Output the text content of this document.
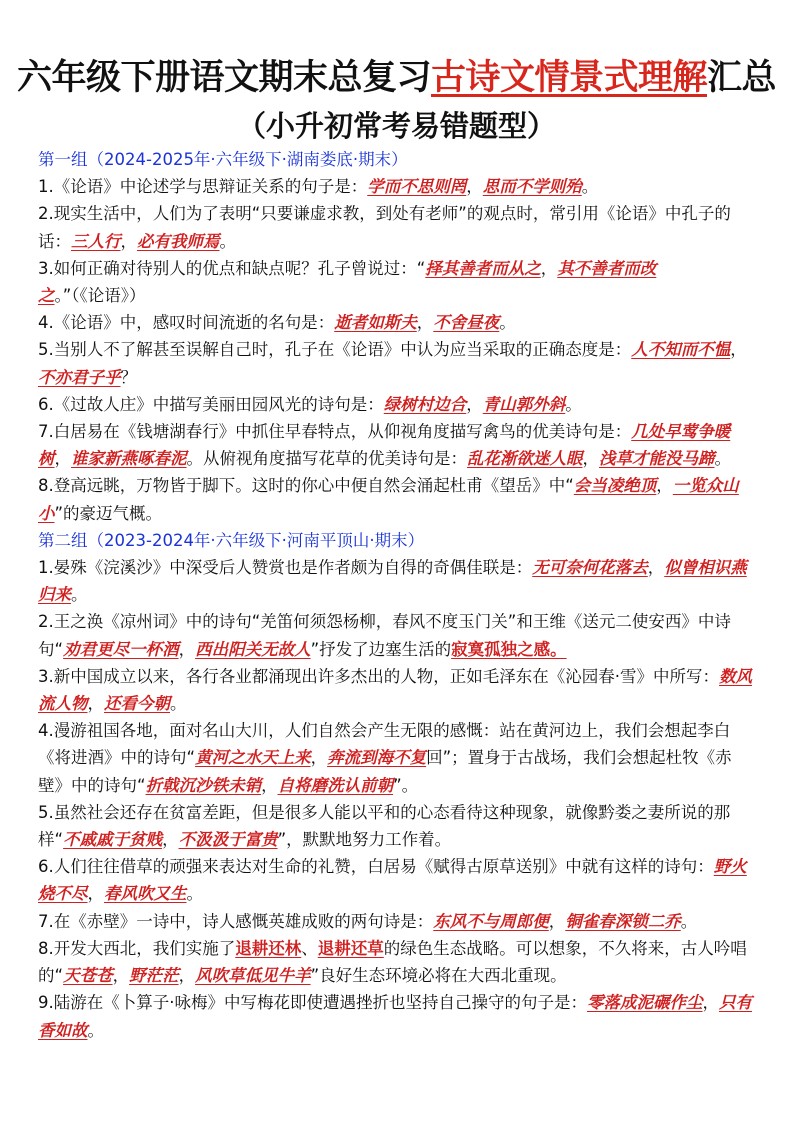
六年级下册语文期末总复习古诗文情景式理解汇总
（小升初常考易错题型）
第一组（2024-2025年·六年级下·湖南娄底·期末）

1.《论语》中论述学与思辩证关系的句子是：学而不思则罔，思而不学则殆。

2.现实生活中，人们为了表明“只要谦虚求教，到处有老师”的观点时，常引用《论语》中孔子的话：三人行，必有我师焉。

3.如何正确对待别人的优点和缺点呢？孔子曾说过：“择其善者而从之，其不善者而改之。”（《论语》）

4.《论语》中，感叹时间流逝的名句是：逝者如斯夫，不舍昼夜。

5.当别人不了解甚至误解自己时，孔子在《论语》中认为应当采取的正确态度是：人不知而不愠，不亦君子乎？

6.《过故人庄》中描写美丽田园风光的诗句是：绿树村边合，青山郭外斜。

7.白居易在《钱塘湖春行》中抓住早春特点，从仰视角度描写禽鸟的优美诗句是：几处早莺争暖树，谁家新燕啄春泥。从俯视角度描写花草的优美诗句是：乱花渐欲迷人眼，浅草才能没马蹄。

8.登高远眺，万物皆于脚下。这时的你心中便自然会涌起杜甫《望岳》中“会当凌绝顶，一览众山小”的豪迈气概。

第二组（2023-2024年·六年级下·河南平顶山·期末）

1.晏殊《浣溪沙》中深受后人赞赏也是作者颇为自得的奇偶佳联是：无可奈何花落去，似曾相识燕归来。

2.王之涣《凉州词》中的诗句“羌笛何须怨杨柳，春风不度玉门关”和王维《送元二使安西》中诗句“劝君更尽一杯酒，西出阳关无故人”抒发了边塞生活的寂寞孤独之感。

3.新中国成立以来，各行各业都涌现出许多杰出的人物，正如毛泽东在《沁园春·雪》中所写：数风流人物，还看今朝。

4.漫游祖国各地，面对名山大川，人们自然会产生无限的感慨：站在黄河边上，我们会想起李白《将进酒》中的诗句“黄河之水天上来，奔流到海不复回”；置身于古战场，我们会想起杜牧《赤壁》中的诗句“折戟沉沙铁未销，自将磨洗认前朝”。

5.虽然社会还存在贫富差距，但是很多人能以平和的心态看待这种现象，就像黔娄之妻所说的那样“不戚戚于贫贱，不汲汲于富贵”，默默地努力工作着。

6.人们往往借草的顽强来表达对生命的礼赞，白居易《赋得古原草送别》中就有这样的诗句：野火烧不尽，春风吹又生。

7.在《赤壁》一诗中，诗人感慨英雄成败的两句诗是：东风不与周郎便，铜雀春深锁二乔。

8.开发大西北，我们实施了退耕还林、退耕还草的绿色生态战略。可以想象，不久将来，古人吟唱的“天苍苍，野茫茫，风吹草低见牛羊”良好生态环境必将在大西北重现。

9.陆游在《卜算子·咏梅》中写梅花即使遭遇挫折也坚持自己操守的句子是：零落成泥碾作尘，只有香如故。
